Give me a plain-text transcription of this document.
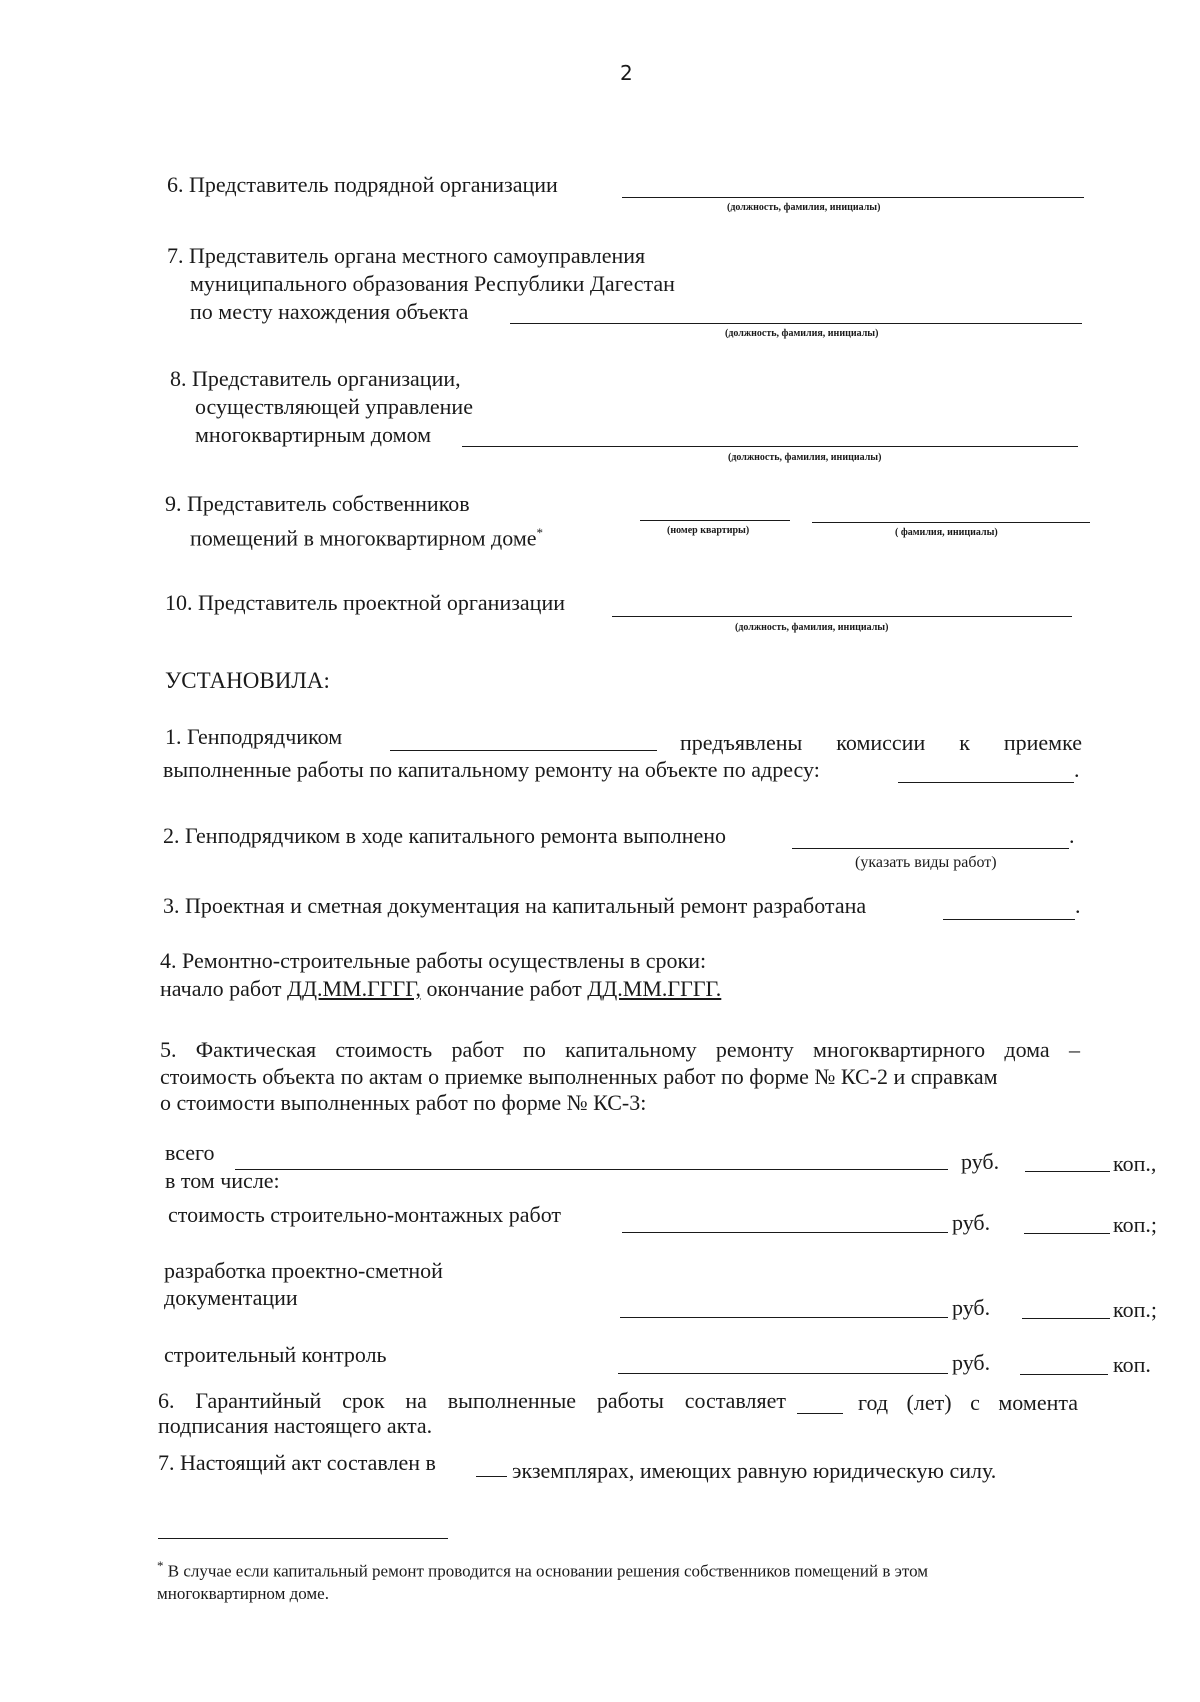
2
6. Представитель подрядной организации
(должность, фамилия, инициалы)
7. Представитель органа местного самоуправления
муниципального образования Республики Дагестан
по месту нахождения объекта
(должность, фамилия, инициалы)
8. Представитель организации,
осуществляющей управление
многоквартирным домом
(должность, фамилия, инициалы)
9. Представитель собственников
помещений в многоквартирном доме*	(номер квартиры)	( фамилия, инициалы)
10. Представитель проектной организации
(должность, фамилия, инициалы)
УСТАНОВИЛА:
1. Генподрядчиком	предъявлены комиссии к приемке
выполненные работы по капитальному ремонту на объекте по адресу:	.
2. Генподрядчиком в ходе капитального ремонта выполнено	.
(указать виды работ)
3. Проектная и сметная документация на капитальный ремонт разработана	.
4. Ремонтно-строительные работы осуществлены в сроки:
начало работ ДД.ММ.ГГГГ, окончание работ ДД.ММ.ГГГГ.
5. Фактическая стоимость работ по капитальному ремонту многоквартирного дома –
стоимость объекта по актам о приемке выполненных работ по форме № КС-2 и справкам
о стоимости выполненных работ по форме № КС-3:
всего	руб.	коп.,
в том числе:
стоимость строительно-монтажных работ	руб.	коп.;
разработка проектно-сметной
документации	руб.	коп.;
строительный контроль	руб.	коп.
6. Гарантийный срок на выполненные работы составляет	год (лет) с момента
подписания настоящего акта.
7. Настоящий акт составлен в	экземплярах, имеющих равную юридическую силу.
* В случае если капитальный ремонт проводится на основании решения собственников помещений в этом многоквартирном доме.
